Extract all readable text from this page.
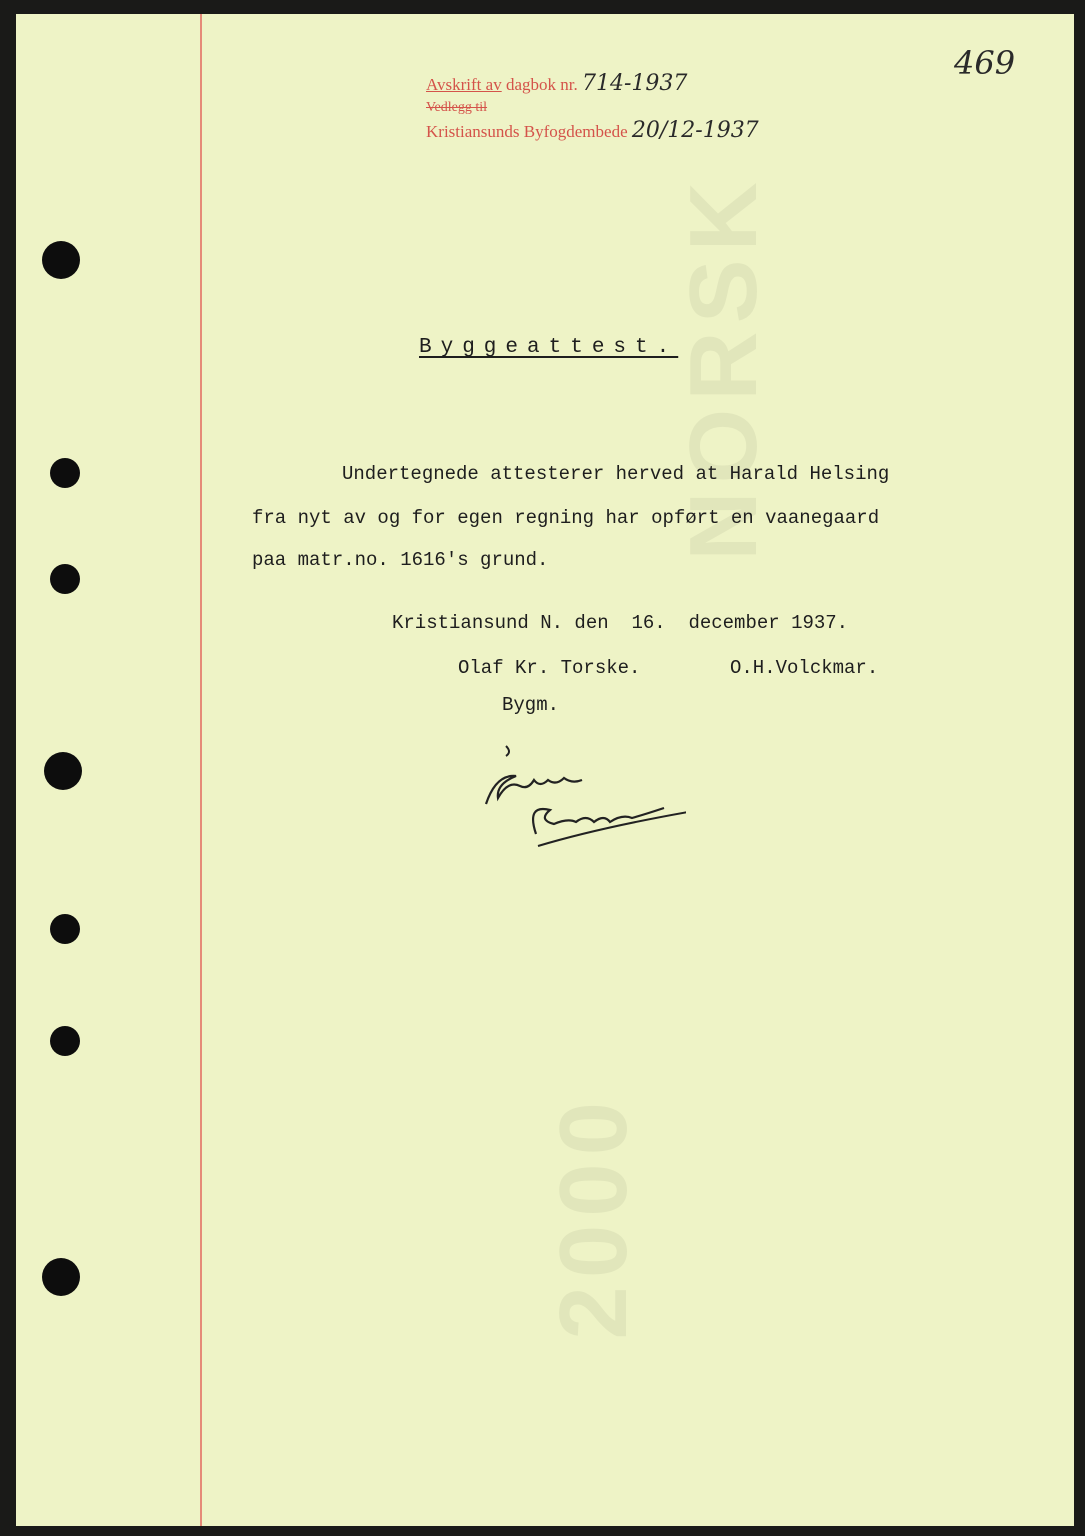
NORSK
2000
Avskrift av dagbok nr. 714-1937
Vedlegg til
Kristiansunds Byfogdembede 20/12-1937
469
Byggeattest.
Undertegnede attesterer herved at Harald Helsing
fra nyt av og for egen regning har opført en vaanegaard
paa matr.no. 1616's grund.
Kristiansund N. den  16.  december 1937.
Olaf Kr. Torske.	O.H.Volckmar.
Bygm.
